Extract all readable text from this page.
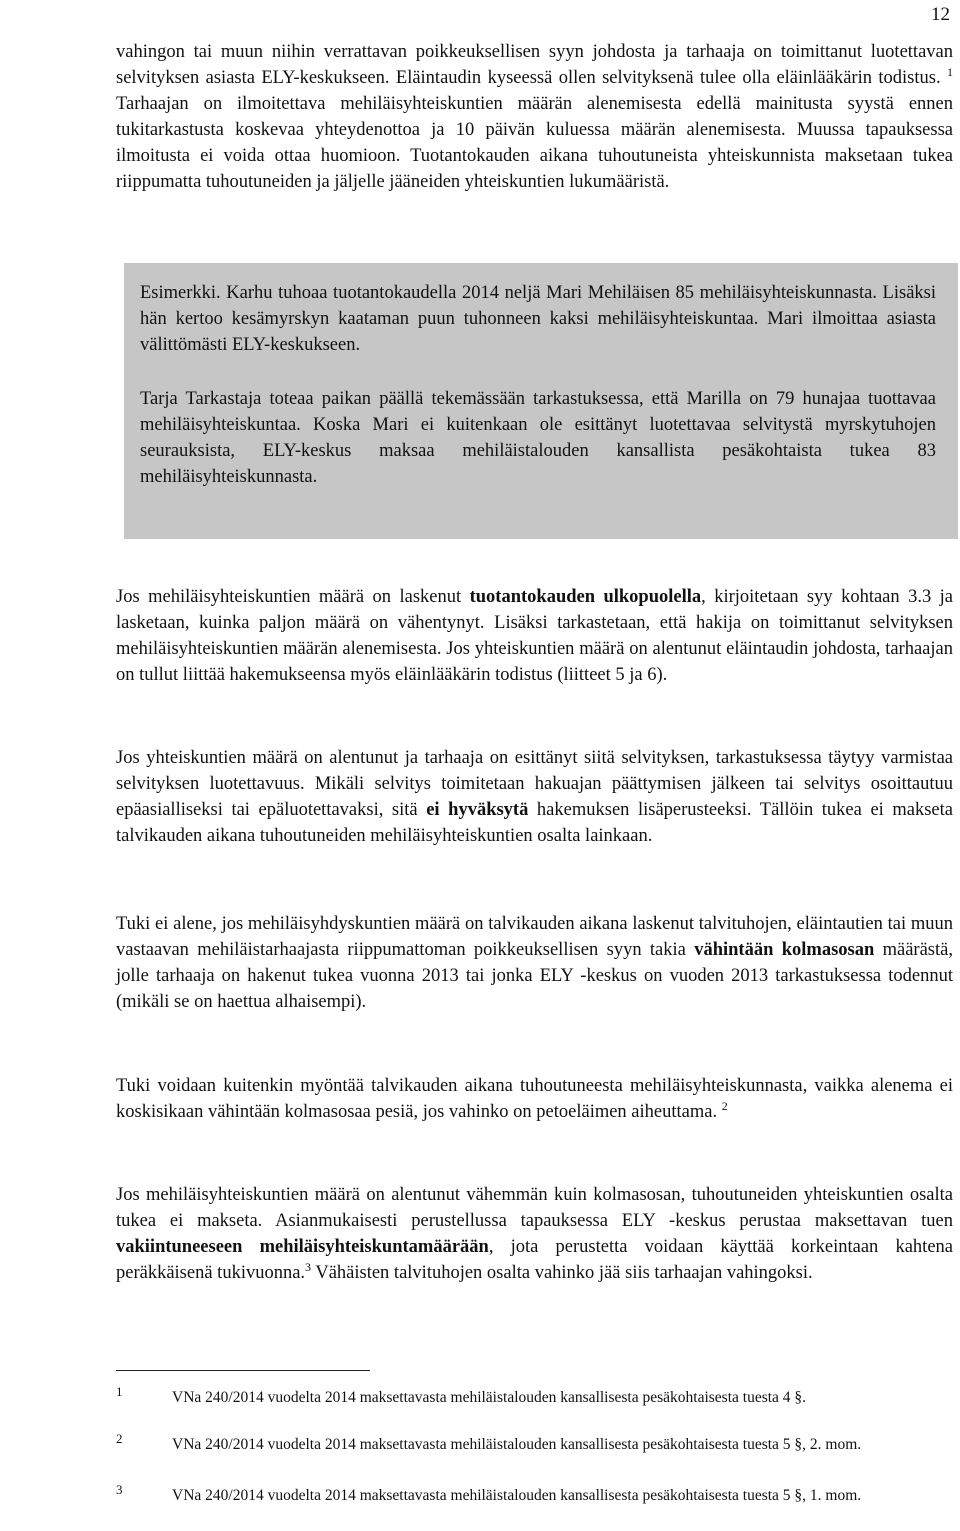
12

vahingon tai muun niihin verrattavan poikkeuksellisen syyn johdosta ja tarhaaja on toimittanut luotettavan selvityksen asiasta ELY-keskukseen. Eläintaudin kyseessä ollen selvityksenä tulee olla eläinlääkärin todistus. $^1$ Tarhaajan on ilmoitettava mehiläisyhteiskuntien määrän alenemisesta edellä mainitusta syystä ennen tukitarkastusta koskevaa yhteydenottoa ja 10 päivän kuluessa määrän alenemisesta. Muussa tapauksessa ilmoitusta ei voida ottaa huomioon. Tuotantokauden aikana tuhoutuneista yhteiskunnista maksetaan tukea riippumatta tuhoutuneiden ja jäljelle jääneiden yhteiskuntien lukumääristä.

Esimerkki. Karhu tuhoaa tuotantokaudella 2014 neljä Mari Mehiläisen 85 mehiläisyhteiskunnasta. Lisäksi hän kertoo kesämyrskyn kaataman puun tuhonneen kaksi mehiläisyhteiskuntaa. Mari ilmoittaa asiasta välittömästi ELY-keskukseen.

Tarja Tarkastaja toteaa paikan päällä tekemässään tarkastuksessa, että Marilla on 79 hunajaa tuottavaa mehiläisyhteiskuntaa. Koska Mari ei kuitenkaan ole esittänyt luotettavaa selvitystä myrskytuhojen seurauksista, ELY-keskus maksaa mehiläistalouden kansallista pesäkohtaista tukea 83 mehiläisyhteiskunnasta.

Jos mehiläisyhteiskuntien määrä on laskenut tuotantokauden ulkopuolella, kirjoitetaan syy kohtaan 3.3 ja lasketaan, kuinka paljon määrä on vähentynyt. Lisäksi tarkastetaan, että hakija on toimittanut selvityksen mehiläisyhteiskuntien määrän alenemisesta. Jos yhteiskuntien määrä on alentunut eläintaudin johdosta, tarhaajan on tullut liittää hakemukseensa myös eläinlääkärin todistus (liitteet 5 ja 6).

Jos yhteiskuntien määrä on alentunut ja tarhaaja on esittänyt siitä selvityksen, tarkastuksessa täytyy varmistaa selvityksen luotettavuus. Mikäli selvitys toimitetaan hakuajan päättymisen jälkeen tai selvitys osoittautuu epäasialliseksi tai epäluotettavaksi, sitä ei hyväksytä hakemuksen lisäperusteeksi. Tällöin tukea ei makseta talvikauden aikana tuhoutuneiden mehiläisyhteiskuntien osalta lainkaan.

Tuki ei alene, jos mehiläisyhdyskuntien määrä on talvikauden aikana laskenut talvituhojen, eläintautien tai muun vastaavan mehiläistarhaajasta riippumattoman poikkeuksellisen syyn takia vähintään kolmasosan määrästä, jolle tarhaaja on hakenut tukea vuonna 2013 tai jonka ELY -keskus on vuoden 2013 tarkastuksessa todennut (mikäli se on haettua alhaisempi).

Tuki voidaan kuitenkin myöntää talvikauden aikana tuhoutuneesta mehiläisyhteiskunnasta, vaikka alenema ei koskisikaan vähintään kolmasosaa pesiä, jos vahinko on petoeläimen aiheuttama. $^2$

Jos mehiläisyhteiskuntien määrä on alentunut vähemmän kuin kolmasosan, tuhoutuneiden yhteiskuntien osalta tukea ei makseta. Asianmukaisesti perustellussa tapauksessa ELY -keskus perustaa maksettavan tuen vakiintuneeseen mehiläisyhteiskuntamäärään, jota perustetta voidaan käyttää korkeintaan kahtena peräkkäisenä tukivuonna.$^3$ Vähäisten talvituhojen osalta vahinko jää siis tarhaajan vahingoksi.

1	VNa 240/2014 vuodelta 2014 maksettavasta mehiläistalouden kansallisesta pesäkohtaisesta tuesta 4 §.
2	VNa 240/2014 vuodelta 2014 maksettavasta mehiläistalouden kansallisesta pesäkohtaisesta tuesta 5 §, 2. mom.
3	VNa 240/2014 vuodelta 2014 maksettavasta mehiläistalouden kansallisesta pesäkohtaisesta tuesta 5 §, 1. mom.
